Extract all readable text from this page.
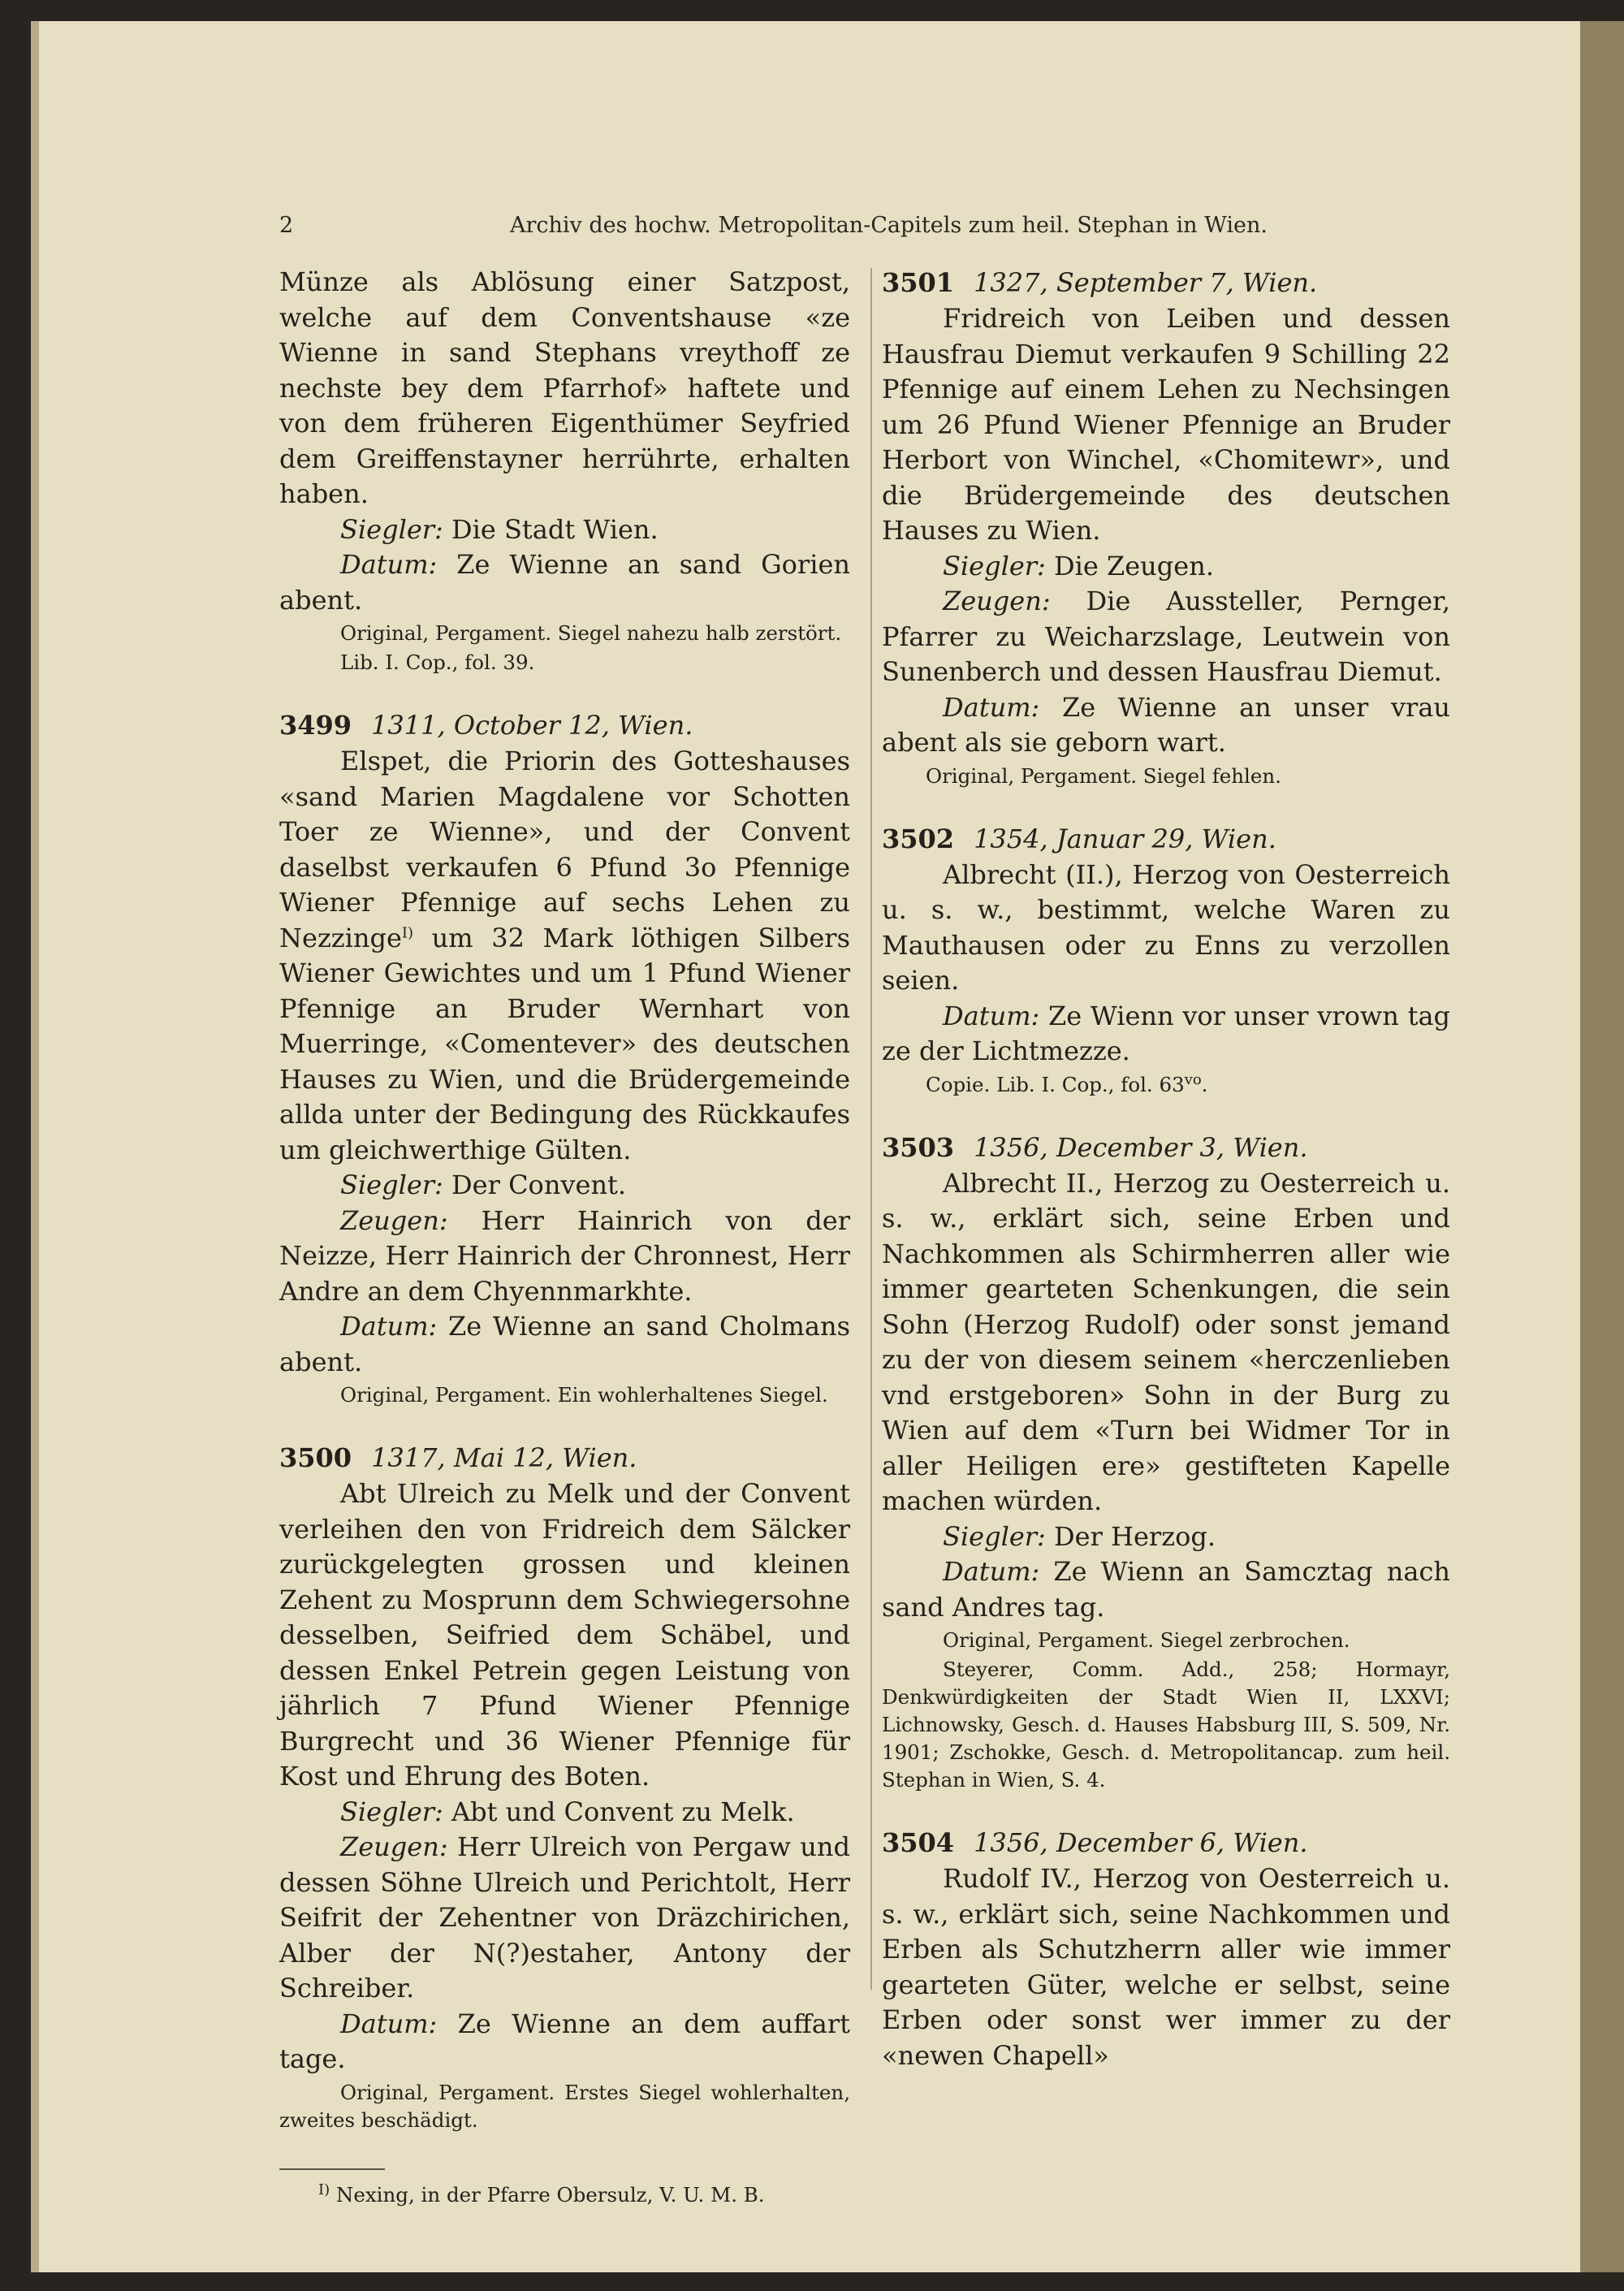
2	Archiv des hochw. Metropolitan-Capitels zum heil. Stephan in Wien.

Münze als Ablösung einer Satzpost, welche auf dem Conventshause «ze Wienne in sand Stephans vreythoff ze nechste bey dem Pfarrhof» haftete und von dem früheren Eigenthümer Seyfried dem Greiffenstayner herrührte, erhalten haben.

Siegler: Die Stadt Wien.

Datum: Ze Wienne an sand Gorien abent.

Original, Pergament. Siegel nahezu halb zerstört.

Lib. I. Cop., fol. 39.

3499 1311, October 12, Wien.

Elspet, die Priorin des Gotteshauses «sand Marien Magdalene vor Schotten Toer ze Wienne», und der Convent daselbst verkaufen 6 Pfund 3o Pfennige Wiener Pfennige auf sechs Lehen zu Nezzinge$^{I)}$ um 32 Mark löthigen Silbers Wiener Gewichtes und um 1 Pfund Wiener Pfennige an Bruder Wernhart von Muerringe, «Comentever» des deutschen Hauses zu Wien, und die Brüdergemeinde allda unter der Bedingung des Rückkaufes um gleichwerthige Gülten.

Siegler: Der Convent.

Zeugen: Herr Hainrich von der Neizze, Herr Hainrich der Chronnest, Herr Andre an dem Chyennmarkhte.

Datum: Ze Wienne an sand Cholmans abent.

Original, Pergament. Ein wohlerhaltenes Siegel.

3500 1317, Mai 12, Wien.

Abt Ulreich zu Melk und der Convent verleihen den von Fridreich dem Sälcker zurückgelegten grossen und kleinen Zehent zu Mosprunn dem Schwiegersohne desselben, Seifried dem Schäbel, und dessen Enkel Petrein gegen Leistung von jährlich 7 Pfund Wiener Pfennige Burgrecht und 36 Wiener Pfennige für Kost und Ehrung des Boten.

Siegler: Abt und Convent zu Melk.

Zeugen: Herr Ulreich von Pergaw und dessen Söhne Ulreich und Perichtolt, Herr Seifrit der Zehentner von Dräzchirichen, Alber der N(?)estaher, Antony der Schreiber.

Datum: Ze Wienne an dem auffart tage.

Original, Pergament. Erstes Siegel wohlerhalten, zweites beschädigt.

$^{I)}$ Nexing, in der Pfarre Obersulz, V. U. M. B.

3501 1327, September 7, Wien.

Fridreich von Leiben und dessen Hausfrau Diemut verkaufen 9 Schilling 22 Pfennige auf einem Lehen zu Nechsingen um 26 Pfund Wiener Pfennige an Bruder Herbort von Winchel, «Chomitewr», und die Brüdergemeinde des deutschen Hauses zu Wien.

Siegler: Die Zeugen.

Zeugen: Die Aussteller, Pernger, Pfarrer zu Weicharzslage, Leutwein von Sunenberch und dessen Hausfrau Diemut.

Datum: Ze Wienne an unser vrau abent als sie geborn wart.

Original, Pergament. Siegel fehlen.

3502 1354, Januar 29, Wien.

Albrecht (II.), Herzog von Oesterreich u. s. w., bestimmt, welche Waren zu Mauthausen oder zu Enns zu verzollen seien.

Datum: Ze Wienn vor unser vrown tag ze der Lichtmezze.

Copie. Lib. I. Cop., fol. $63^{vo}$.

3503 1356, December 3, Wien.

Albrecht II., Herzog zu Oesterreich u. s. w., erklärt sich, seine Erben und Nachkommen als Schirmherren aller wie immer gearteten Schenkungen, die sein Sohn (Herzog Rudolf) oder sonst jemand zu der von diesem seinem «herczenlieben vnd erstgeboren» Sohn in der Burg zu Wien auf dem «Turn bei Widmer Tor in aller Heiligen ere» gestifteten Kapelle machen würden.

Siegler: Der Herzog.

Datum: Ze Wienn an Samcztag nach sand Andres tag.

Original, Pergament. Siegel zerbrochen.

Steyerer, Comm. Add., 258; Hormayr, Denkwürdigkeiten der Stadt Wien II, LXXVI; Lichnowsky, Gesch. d. Hauses Habsburg III, S. 509, Nr. 1901; Zschokke, Gesch. d. Metropolitancap. zum heil. Stephan in Wien, S. 4.

3504 1356, December 6, Wien.

Rudolf IV., Herzog von Oesterreich u. s. w., erklärt sich, seine Nachkommen und Erben als Schutzherrn aller wie immer gearteten Güter, welche er selbst, seine Erben oder sonst wer immer zu der «newen Chapell»
